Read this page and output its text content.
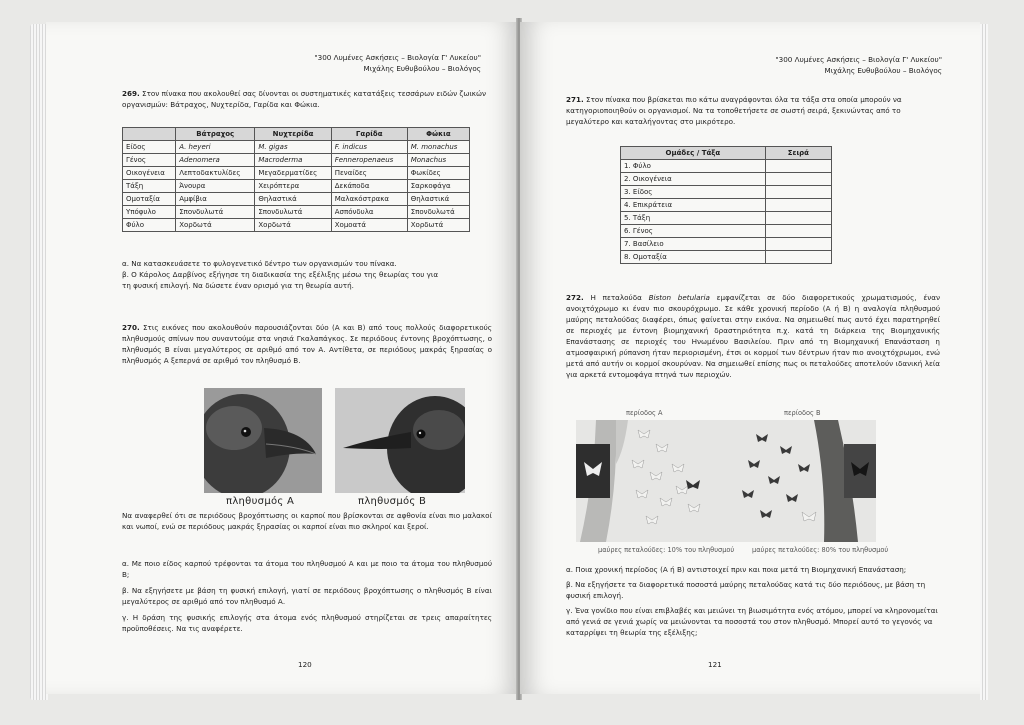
"300 Λυμένες Ασκήσεις – Βιολογία Γ' Λυκείου"
Μιχάλης Ευθυβούλου – Βιολόγος

269. Στον πίνακα που ακολουθεί σας δίνονται οι συστηματικές κατατάξεις τεσσάρων ειδών ζωικών οργανισμών: Βάτραχος, Νυχτερίδα, Γαρίδα και Φώκια.

	Βάτραχος	Νυχτερίδα	Γαρίδα	Φώκια
Είδος	A. heyeri	M. gigas	F. indicus	M. monachus
Γένος	Adenomera	Macroderma	Fenneropenaeus	Monachus
Οικογένεια	Λεπτοδακτυλίδες	Μεγαδερματίδες	Πεναίδες	Φωκίδες
Τάξη	Άνουρα	Χειρόπτερα	Δεκάποδα	Σαρκοφάγα
Ομοταξία	Αμφίβια	Θηλαστικά	Μαλακόστρακα	Θηλαστικά
Υπόφυλο	Σπονδυλωτά	Σπονδυλωτά	Ασπόνδυλα	Σπονδυλωτά
Φύλο	Χορδωτά	Χορδωτά	Χομοατά	Χορδωτά

α. Να κατασκευάσετε το φυλογενετικό δέντρο των οργανισμών του πίνακα.

β. Ο Κάρολος Δαρβίνος εξήγησε τη διαδικασία της εξέλιξης μέσω της θεωρίας του για

τη φυσική επιλογή. Να δώσετε έναν ορισμό για τη θεωρία αυτή.

270. Στις εικόνες που ακολουθούν παρουσιάζονται δύο (Α και Β) από τους πολλούς διαφορετικούς πληθυσμούς σπίνων που συναντούμε στα νησιά Γκαλαπάγκος. Σε περιόδους έντονης βροχόπτωσης, ο πληθυσμός Β είναι μεγαλύτερος σε αριθμό από τον Α. Αντίθετα, σε περιόδους μακράς ξηρασίας ο πληθυσμός Α ξεπερνά σε αριθμό τον πληθυσμό Β.

πληθυσμός Α	πληθυσμός Β

Να αναφερθεί ότι σε περιόδους βροχόπτωσης οι καρποί που βρίσκονται σε αφθονία είναι πιο μαλακοί και νωποί, ενώ σε περιόδους μακράς ξηρασίας οι καρποί είναι πιο σκληροί και ξεροί.

α. Με ποιο είδος καρπού τρέφονται τα άτομα του πληθυσμού Α και με ποιο τα άτομα του πληθυσμού Β;

β. Να εξηγήσετε με βάση τη φυσική επιλογή, γιατί σε περιόδους βροχόπτωσης ο πληθυσμός Β είναι μεγαλύτερος σε αριθμό από τον πληθυσμό Α.

γ. Η δράση της φυσικής επιλογής στα άτομα ενός πληθυσμού στηρίζεται σε τρεις απαραίτητες προϋποθέσεις. Να τις αναφέρετε.

120
"300 Λυμένες Ασκήσεις – Βιολογία Γ' Λυκείου"
Μιχάλης Ευθυβούλου – Βιολόγος

271. Στον πίνακα που βρίσκεται πιο κάτω αναγράφονται όλα τα τάξα στα οποία μπορούν να κατηγοριοποιηθούν οι οργανισμοί. Να τα τοποθετήσετε σε σωστή σειρά, ξεκινώντας από το μεγαλύτερο και καταλήγοντας στο μικρότερο.

Ομάδες / Τάξα	Σειρά
1. Φύλο	
2. Οικογένεια	
3. Είδος	
4. Επικράτεια	
5. Τάξη	
6. Γένος	
7. Βασίλειο	
8. Ομοταξία	

272. Η πεταλούδα Biston betularia εμφανίζεται σε δύο διαφορετικούς χρωματισμούς, έναν ανοιχτόχρωμο κι έναν πιο σκουρόχρωμο. Σε κάθε χρονική περίοδο (Α ή Β) η αναλογία πληθυσμού μαύρης πεταλούδας διαφέρει, όπως φαίνεται στην εικόνα. Να σημειωθεί πως αυτό έχει παρατηρηθεί σε περιοχές με έντονη βιομηχανική δραστηριότητα π.χ. κατά τη διάρκεια της Βιομηχανικής Επανάστασης σε περιοχές του Ηνωμένου Βασιλείου. Πριν από τη Βιομηχανική Επανάσταση η ατμοσφαιρική ρύπανση ήταν περιορισμένη, έτσι οι κορμοί των δέντρων ήταν πιο ανοιχτόχρωμοι, ενώ μετά από αυτήν οι κορμοί σκουρύναν. Να σημειωθεί επίσης πως οι πεταλούδες αποτελούν ιδανική λεία για αρκετά εντομοφάγα πτηνά των περιοχών.

περίοδος Α	περίοδος Β
μαύρες πεταλούδες: 10% του πληθυσμού	μαύρες πεταλούδες: 80% του πληθυσμού

α. Ποια χρονική περίοδος (Α ή Β) αντιστοιχεί πριν και ποια μετά τη Βιομηχανική Επανάσταση;

β. Να εξηγήσετε τα διαφορετικά ποσοστά μαύρης πεταλούδας κατά τις δύο περιόδους, με βάση τη φυσική επιλογή.

γ. Ένα γονίδιο που είναι επιβλαβές και μειώνει τη βιωσιμότητα ενός ατόμου, μπορεί να κληρονομείται από γενιά σε γενιά χωρίς να μειώνονται τα ποσοστά του στον πληθυσμό. Μπορεί αυτό το γεγονός να καταρρίψει τη θεωρία της εξέλιξης;

121
